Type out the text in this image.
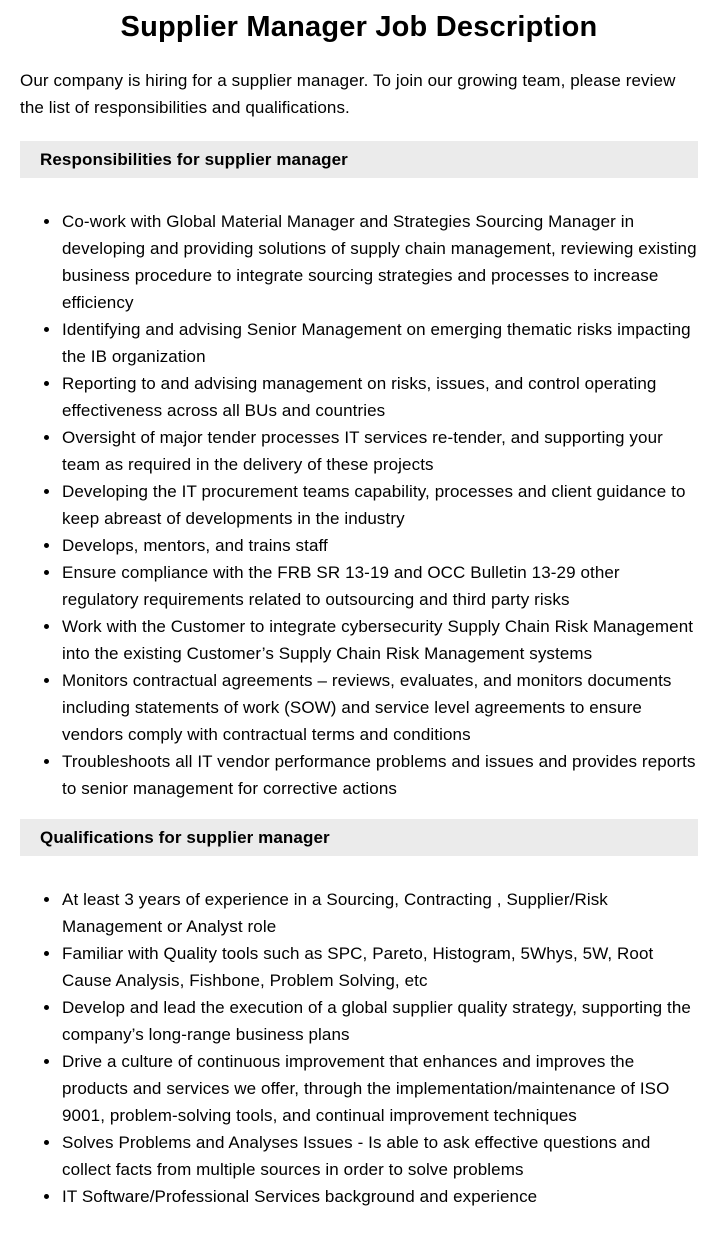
Supplier Manager Job Description

Our company is hiring for a supplier manager. To join our growing team, please review the list of responsibilities and qualifications.

Responsibilities for supplier manager
Co-work with Global Material Manager and Strategies Sourcing Manager in developing and providing solutions of supply chain management, reviewing existing business procedure to integrate sourcing strategies and processes to increase efficiency
Identifying and advising Senior Management on emerging thematic risks impacting the IB organization
Reporting to and advising management on risks, issues, and control operating effectiveness across all BUs and countries
Oversight of major tender processes IT services re-tender, and supporting your team as required in the delivery of these projects
Developing the IT procurement teams capability, processes and client guidance to keep abreast of developments in the industry
Develops, mentors, and trains staff
Ensure compliance with the FRB SR 13-19 and OCC Bulletin 13-29 other regulatory requirements related to outsourcing and third party risks
Work with the Customer to integrate cybersecurity Supply Chain Risk Management into the existing Customer’s Supply Chain Risk Management systems
Monitors contractual agreements – reviews, evaluates, and monitors documents including statements of work (SOW) and service level agreements to ensure vendors comply with contractual terms and conditions
Troubleshoots all IT vendor performance problems and issues and provides reports to senior management for corrective actions
Qualifications for supplier manager
At least 3 years of experience in a Sourcing, Contracting , Supplier/Risk Management or Analyst role
Familiar with Quality tools such as SPC, Pareto, Histogram, 5Whys, 5W, Root Cause Analysis, Fishbone, Problem Solving, etc
Develop and lead the execution of a global supplier quality strategy, supporting the company’s long-range business plans
Drive a culture of continuous improvement that enhances and improves the products and services we offer, through the implementation/maintenance of ISO 9001, problem-solving tools, and continual improvement techniques
Solves Problems and Analyses Issues - Is able to ask effective questions and collect facts from multiple sources in order to solve problems
IT Software/Professional Services background and experience
